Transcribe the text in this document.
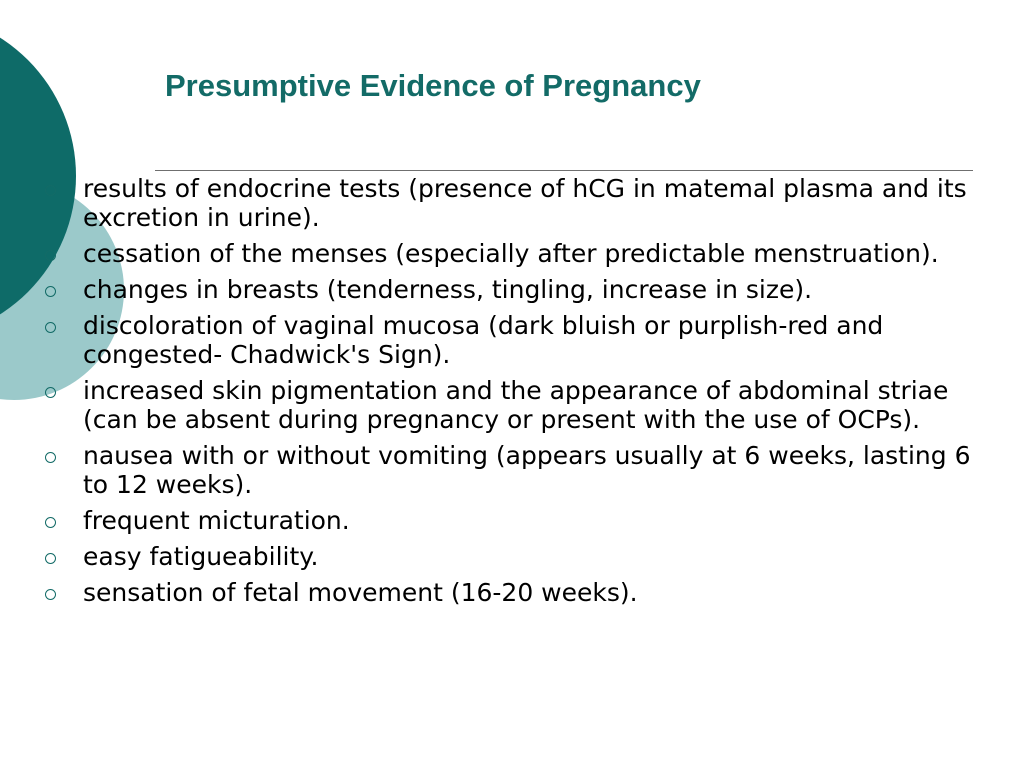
Presumptive Evidence of Pregnancy
results of endocrine tests (presence of hCG in matemal plasma and its excretion in urine).
cessation of the menses (especially after predictable menstruation).
changes in breasts (tenderness, tingling, increase in size).
discoloration of vaginal mucosa (dark bluish or purplish-red and congested- Chadwick's Sign).
increased skin pigmentation and the appearance of abdominal striae (can be absent during pregnancy or present with the use of OCPs).
nausea with or without vomiting (appears usually at 6 weeks, lasting 6 to 12 weeks).
frequent micturation.
easy fatigueability.
sensation of fetal movement (16-20 weeks).
